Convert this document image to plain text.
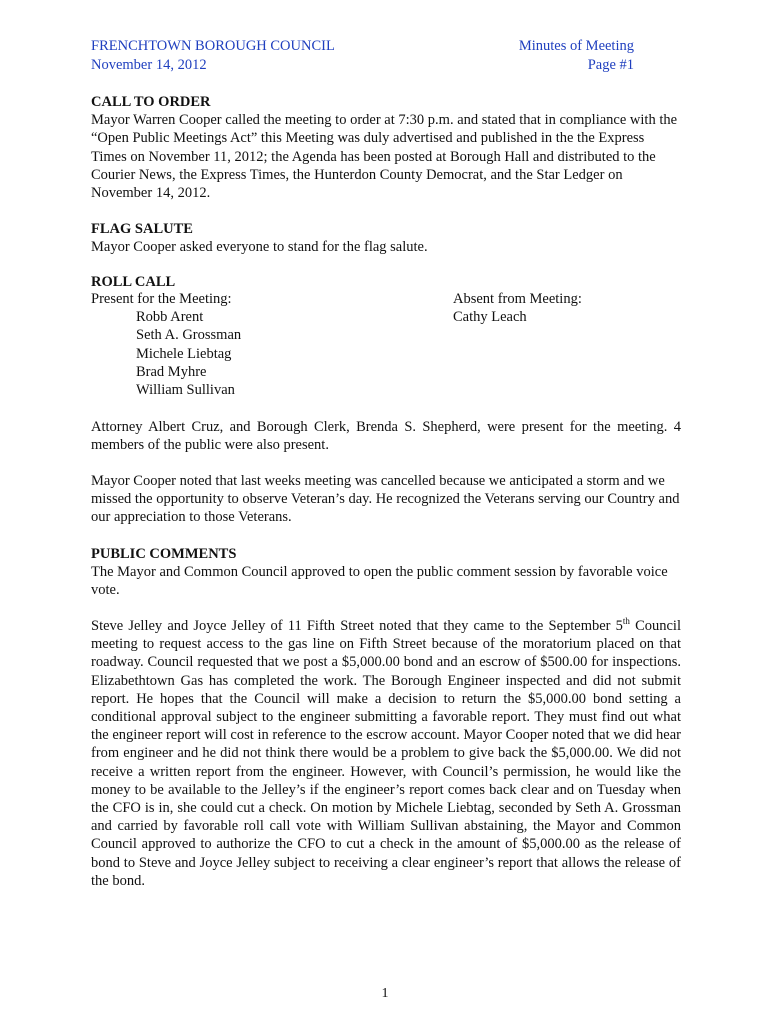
FRENCHTOWN BOROUGH COUNCIL
November 14, 2012
Minutes of Meeting
Page #1

CALL TO ORDER

Mayor Warren Cooper called the meeting to order at 7:30 p.m. and stated that in compliance with the “Open Public Meetings Act” this Meeting was duly advertised and published in the the Express Times on November 11, 2012; the Agenda has been posted at Borough Hall and distributed to the Courier News, the Express Times, the Hunterdon County Democrat, and the Star Ledger on November 14, 2012.

FLAG SALUTE

Mayor Cooper asked everyone to stand for the flag salute.

ROLL CALL

Present for the Meeting:
Robb Arent
Seth A. Grossman
Michele Liebtag
Brad Myhre
William Sullivan
Absent from Meeting:
Cathy Leach

Attorney Albert Cruz, and Borough Clerk, Brenda S. Shepherd, were present for the meeting. 4 members of the public were also present.

Mayor Cooper noted that last weeks meeting was cancelled because we anticipated a storm and we missed the opportunity to observe Veteran’s day. He recognized the Veterans serving our Country and our appreciation to those Veterans.

PUBLIC COMMENTS

The Mayor and Common Council approved to open the public comment session by favorable voice vote.

Steve Jelley and Joyce Jelley of 11 Fifth Street noted that they came to the September 5th Council meeting to request access to the gas line on Fifth Street because of the moratorium placed on that roadway. Council requested that we post a $5,000.00 bond and an escrow of $500.00 for inspections. Elizabethtown Gas has completed the work. The Borough Engineer inspected and did not submit report. He hopes that the Council will make a decision to return the $5,000.00 bond setting a conditional approval subject to the engineer submitting a favorable report. They must find out what the engineer report will cost in reference to the escrow account. Mayor Cooper noted that we did hear from engineer and he did not think there would be a problem to give back the $5,000.00. We did not receive a written report from the engineer. However, with Council’s permission, he would like the money to be available to the Jelley’s if the engineer’s report comes back clear and on Tuesday when the CFO is in, she could cut a check. On motion by Michele Liebtag, seconded by Seth A. Grossman and carried by favorable roll call vote with William Sullivan abstaining, the Mayor and Common Council approved to authorize the CFO to cut a check in the amount of $5,000.00 as the release of bond to Steve and Joyce Jelley subject to receiving a clear engineer’s report that allows the release of the bond.

1
